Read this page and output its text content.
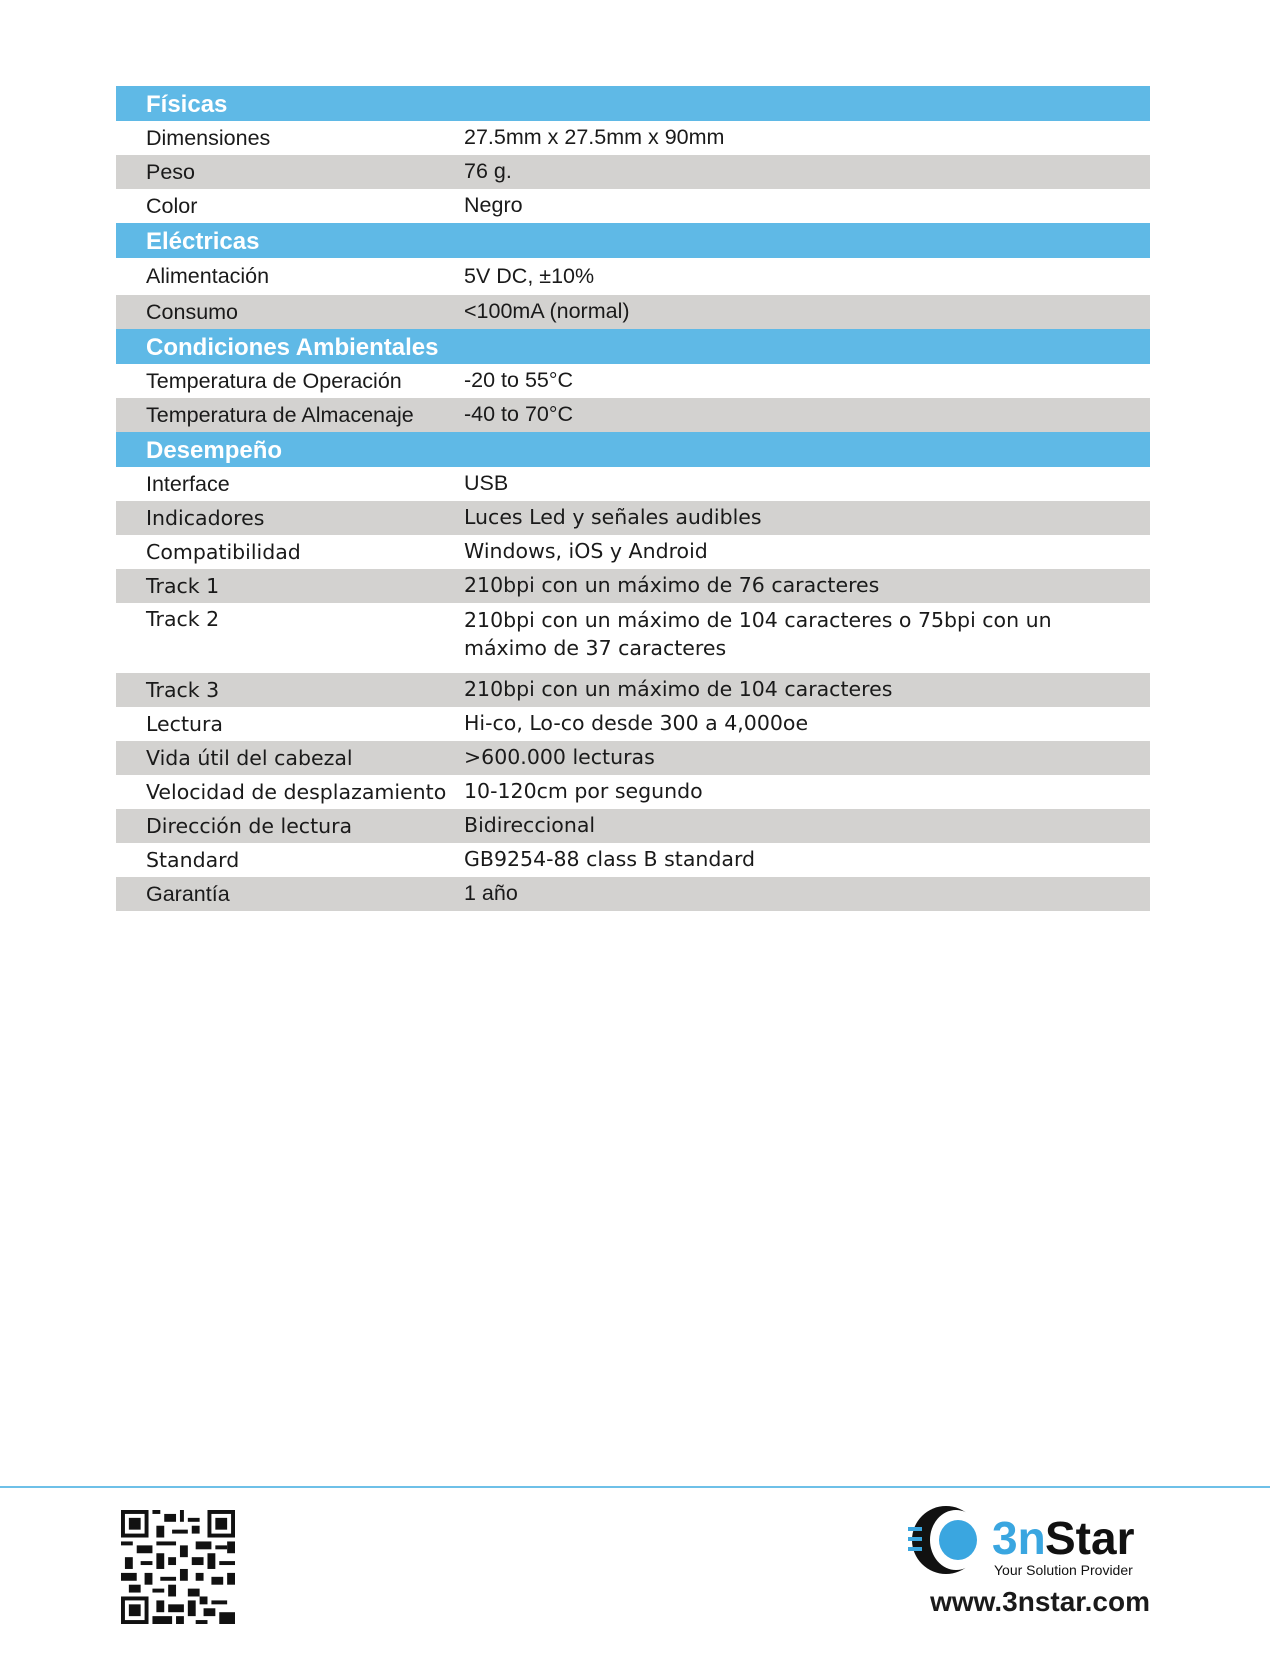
Físicas
Dimensiones	27.5mm x 27.5mm x 90mm
Peso	76 g.
Color	Negro
Eléctricas
Alimentación	5V DC, ±10%
Consumo	<100mA (normal)
Condiciones Ambientales
Temperatura de Operación	-20 to 55°C
Temperatura de Almacenaje	-40 to 70°C
Desempeño
Interface	USB
Indicadores	Luces Led y señales audibles
Compatibilidad	Windows, iOS y Android
Track 1	210bpi con un máximo de 76 caracteres
Track 2	210bpi con un máximo de 104 caracteres o 75bpi con un máximo de 37 caracteres
Track 3	210bpi con un máximo de 104 caracteres
Lectura	Hi-co, Lo-co desde 300 a 4,000oe
Vida útil del cabezal	>600.000 lecturas
Velocidad de desplazamiento 10-120cm por segundo
Dirección de lectura	Bidireccional
Standard	GB9254-88 class B standard
Garantía	1 año
3n Star
Your Solution Provider
www.3nstar.com
